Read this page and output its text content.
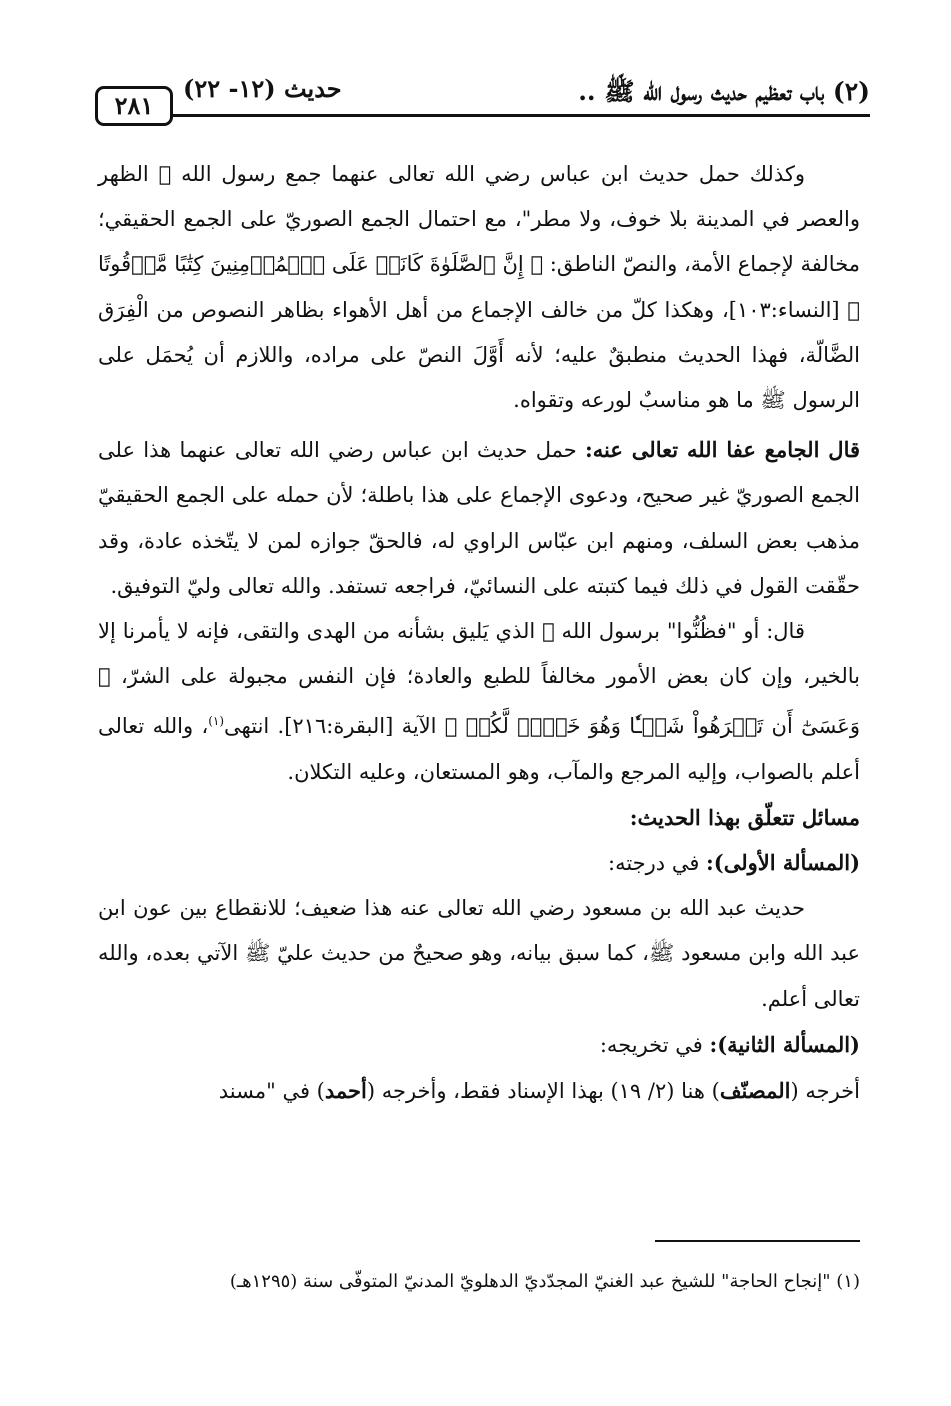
٢٨١
حديث (١٢- ٢٢)	(٢) باب تعظيم حديث رسول الله ﷺ ..

وكذلك حمل حديث ابن عباس رضي الله تعالى عنهما جمع رسول الله ﷺ الظهر والعصر في المدينة بلا خوف، ولا مطر"، مع احتمال الجمع الصوريّ على الجمع الحقيقي؛ مخالفة لإجماع الأمة، والنصّ الناطق: ﴿ إِنَّ ٱلصَّلَوٰةَ كَانَتۡ عَلَى ٱلۡمُؤۡمِنِينَ كِتَٰبًا مَّوۡقُوتًا ﴾ [النساء:١٠٣]، وهكذا كلّ من خالف الإجماع من أهل الأهواء بظاهر النصوص من الْفِرَق الضَّالّة، فهذا الحديث منطبقٌ عليه؛ لأنه أَوَّلَ النصّ على مراده، واللازم أن يُحمَل على الرسول ﷺ ما هو مناسبٌ لورعه وتقواه.

قال الجامع عفا الله تعالى عنه: حمل حديث ابن عباس رضي الله تعالى عنهما هذا على الجمع الصوريّ غير صحيح، ودعوى الإجماع على هذا باطلة؛ لأن حمله على الجمع الحقيقيّ مذهب بعض السلف، ومنهم ابن عبّاس الراوي له، فالحقّ جوازه لمن لا يتّخذه عادة، وقد حقّقت القول في ذلك فيما كتبته على النسائيّ، فراجعه تستفد. والله تعالى وليّ التوفيق.

قال: أو "فظُنُّوا" برسول الله ﷺ الذي يَليق بشأنه من الهدى والتقى، فإنه لا يأمرنا إلا بالخير، وإن كان بعض الأمور مخالفاً للطبع والعادة؛ فإن النفس مجبولة على الشرّ، ﴿ وَعَسَىٰٓ أَن تَكۡرَهُواْ شَيۡـٔٗا وَهُوَ خَيۡرٞ لَّكُمۡ ﴾ الآية [البقرة:٢١٦]. انتهى$^{(١)}$، والله تعالى أعلم بالصواب، وإليه المرجع والمآب، وهو المستعان، وعليه التكلان.

مسائل تتعلّق بهذا الحديث:

(المسألة الأولى): في درجته:

حديث عبد الله بن مسعود رضي الله تعالى عنه هذا ضعيف؛ للانقطاع بين عون ابن عبد الله وابن مسعود ﷺ، كما سبق بيانه، وهو صحيحٌ من حديث عليّ ﷺ الآتي بعده، والله تعالى أعلم.

(المسألة الثانية): في تخريجه:

أخرجه (المصنّف) هنا (٢/ ١٩) بهذا الإسناد فقط، وأخرجه (أحمد) في "مسند

(١) "إنجاح الحاجة" للشيخ عبد الغنيّ المجدّديّ الدهلويّ المدنيّ المتوفّى سنة (١٢٩٥هـ)
